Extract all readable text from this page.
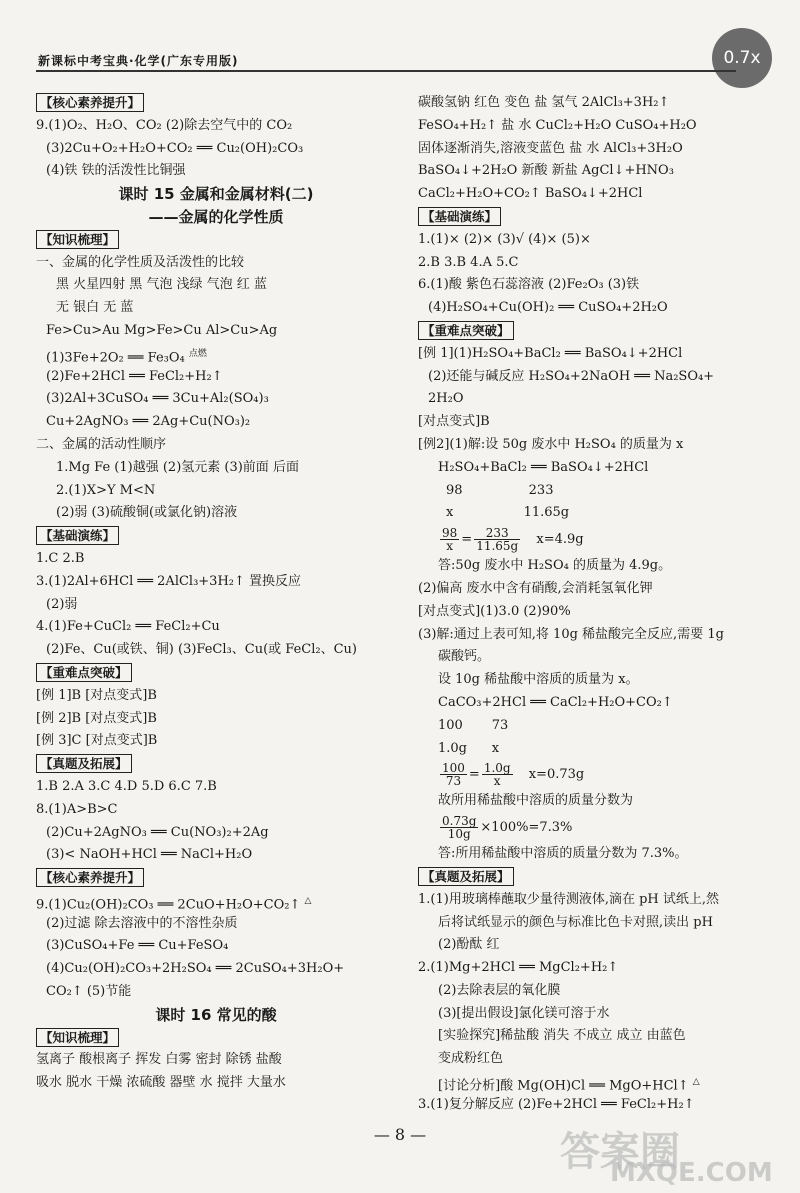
0.7x
新课标中考宝典·化学(广东专用版)
【核心素养提升】
9.(1)O₂、H₂O、CO₂ (2)除去空气中的 CO₂
(3)2Cu+O₂+H₂O+CO₂ ══ Cu₂(OH)₂CO₃
(4)铁 铁的活泼性比铜强
课时 15 金属和金属材料(二)
——金属的化学性质
【知识梳理】
一、金属的化学性质及活泼性的比较
黑 火星四射 黑 气泡 浅绿 气泡 红 蓝
无 银白 无 蓝
Fe>Cu>Au Mg>Fe>Cu Al>Cu>Ag
(1)3Fe+2O₂ ══ Fe₃O₄ $^{点燃}$
(2)Fe+2HCl ══ FeCl₂+H₂↑
(3)2Al+3CuSO₄ ══ 3Cu+Al₂(SO₄)₃
Cu+2AgNO₃ ══ 2Ag+Cu(NO₃)₂
二、金属的活动性顺序
1.Mg Fe (1)越强 (2)氢元素 (3)前面 后面
2.(1)X>Y M<N
(2)弱 (3)硫酸铜(或氯化钠)溶液
【基础演练】
1.C 2.B
3.(1)2Al+6HCl ══ 2AlCl₃+3H₂↑ 置换反应
(2)弱
4.(1)Fe+CuCl₂ ══ FeCl₂+Cu
(2)Fe、Cu(或铁、铜) (3)FeCl₃、Cu(或 FeCl₂、Cu)
【重难点突破】
[例 1]B [对点变式]B
[例 2]B [对点变式]B
[例 3]C [对点变式]B
【真题及拓展】
1.B 2.A 3.C 4.D 5.D 6.C 7.B
8.(1)A>B>C
(2)Cu+2AgNO₃ ══ Cu(NO₃)₂+2Ag
(3)< NaOH+HCl ══ NaCl+H₂O
【核心素养提升】
9.(1)Cu₂(OH)₂CO₃ ══ 2CuO+H₂O+CO₂↑ △
(2)过滤 除去溶液中的不溶性杂质
(3)CuSO₄+Fe ══ Cu+FeSO₄
(4)Cu₂(OH)₂CO₃+2H₂SO₄ ══ 2CuSO₄+3H₂O+
CO₂↑ (5)节能
课时 16 常见的酸
【知识梳理】
氢离子 酸根离子 挥发 白雾 密封 除锈 盐酸
吸水 脱水 干燥 浓硫酸 器壁 水 搅拌 大量水
碳酸氢钠 红色 变色 盐 氢气 2AlCl₃+3H₂↑
FeSO₄+H₂↑ 盐 水 CuCl₂+H₂O CuSO₄+H₂O
固体逐渐消失,溶液变蓝色 盐 水 AlCl₃+3H₂O
BaSO₄↓+2H₂O 新酸 新盐 AgCl↓+HNO₃
CaCl₂+H₂O+CO₂↑ BaSO₄↓+2HCl
【基础演练】
1.(1)× (2)× (3)√ (4)× (5)×
2.B 3.B 4.A 5.C
6.(1)酸 紫色石蕊溶液 (2)Fe₂O₃ (3)铁
(4)H₂SO₄+Cu(OH)₂ ══ CuSO₄+2H₂O
【重难点突破】
[例 1](1)H₂SO₄+BaCl₂ ══ BaSO₄↓+2HCl
(2)还能与碱反应 H₂SO₄+2NaOH ══ Na₂SO₄+
2H₂O
[对点变式]B
[例2](1)解:设 50g 废水中 H₂SO₄ 的质量为 x
H₂SO₄+BaCl₂ ══ BaSO₄↓+2HCl
98                233
x                 11.65g
$\frac{98}{x} = \frac{233}{11.65g} x=4.9g$
答:50g 废水中 H₂SO₄ 的质量为 4.9g。
(2)偏高 废水中含有硝酸,会消耗氢氧化钾
[对点变式](1)3.0 (2)90%
(3)解:通过上表可知,将 10g 稀盐酸完全反应,需要 1g
碳酸钙。
设 10g 稀盐酸中溶质的质量为 x。
CaCO₃+2HCl ══ CaCl₂+H₂O+CO₂↑
100       73
1.0g      x
$\frac{100}{73} = \frac{1.0g}{x} x=0.73g$
故所用稀盐酸中溶质的质量分数为
$\frac{0.73g}{10g} \times 100\%=7.3\%$
答:所用稀盐酸中溶质的质量分数为 7.3%。
【真题及拓展】
1.(1)用玻璃棒蘸取少量待测液体,滴在 pH 试纸上,然
后将试纸显示的颜色与标准比色卡对照,读出 pH
(2)酚酞 红
2.(1)Mg+2HCl ══ MgCl₂+H₂↑
(2)去除表层的氧化膜
(3)[提出假设]氯化镁可溶于水
[实验探究]稀盐酸 消失 不成立 成立 由蓝色
变成粉红色
[讨论分析]酸 Mg(OH)Cl ══ MgO+HCl↑ △
3.(1)复分解反应 (2)Fe+2HCl ══ FeCl₂+H₂↑
— 8 —	答案圈
MXQE.COM
